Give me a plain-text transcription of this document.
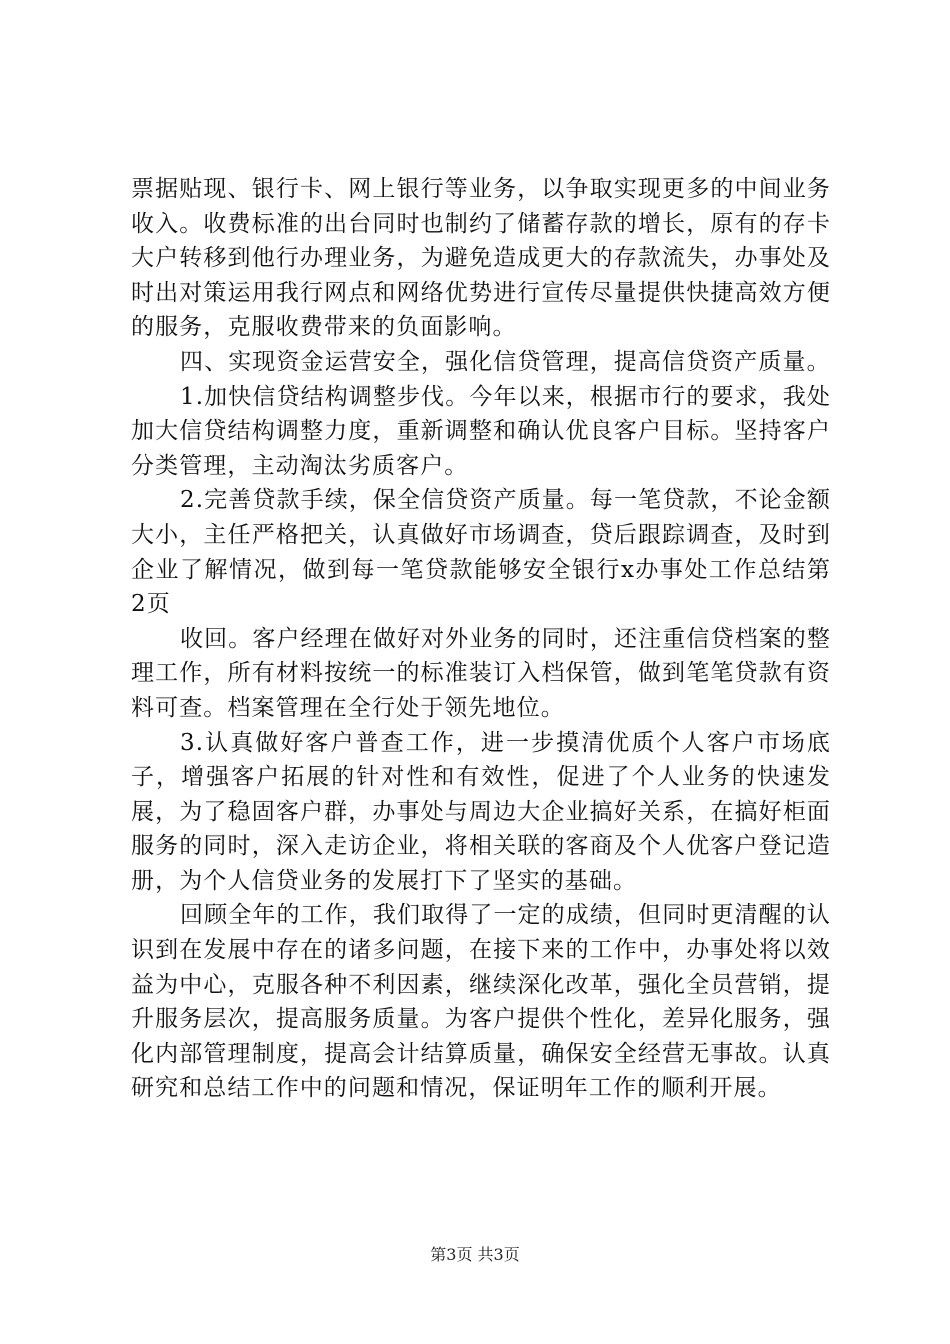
票据贴现、银行卡、网上银行等业务，以争取实现更多的中间业务收入。收费标准的出台同时也制约了储蓄存款的增长，原有的存卡大户转移到他行办理业务，为避免造成更大的存款流失，办事处及时出对策运用我行网点和网络优势进行宣传尽量提供快捷高效方便的服务，克服收费带来的负面影响。

四、实现资金运营安全，强化信贷管理，提高信贷资产质量。

1.加快信贷结构调整步伐。今年以来，根据市行的要求，我处加大信贷结构调整力度，重新调整和确认优良客户目标。坚持客户分类管理，主动淘汰劣质客户。

2.完善贷款手续，保全信贷资产质量。每一笔贷款，不论金额大小，主任严格把关，认真做好市场调查，贷后跟踪调查，及时到企业了解情况，做到每一笔贷款能够安全银行x办事处工作总结第2页

收回。客户经理在做好对外业务的同时，还注重信贷档案的整理工作，所有材料按统一的标准装订入档保管，做到笔笔贷款有资料可查。档案管理在全行处于领先地位。

3.认真做好客户普查工作，进一步摸清优质个人客户市场底子，增强客户拓展的针对性和有效性，促进了个人业务的快速发展，为了稳固客户群，办事处与周边大企业搞好关系，在搞好柜面服务的同时，深入走访企业，将相关联的客商及个人优客户登记造册，为个人信贷业务的发展打下了坚实的基础。

回顾全年的工作，我们取得了一定的成绩，但同时更清醒的认识到在发展中存在的诸多问题，在接下来的工作中，办事处将以效益为中心，克服各种不利因素，继续深化改革，强化全员营销，提升服务层次，提高服务质量。为客户提供个性化，差异化服务，强化内部管理制度，提高会计结算质量，确保安全经营无事故。认真研究和总结工作中的问题和情况，保证明年工作的顺利开展。

第3页 共3页
